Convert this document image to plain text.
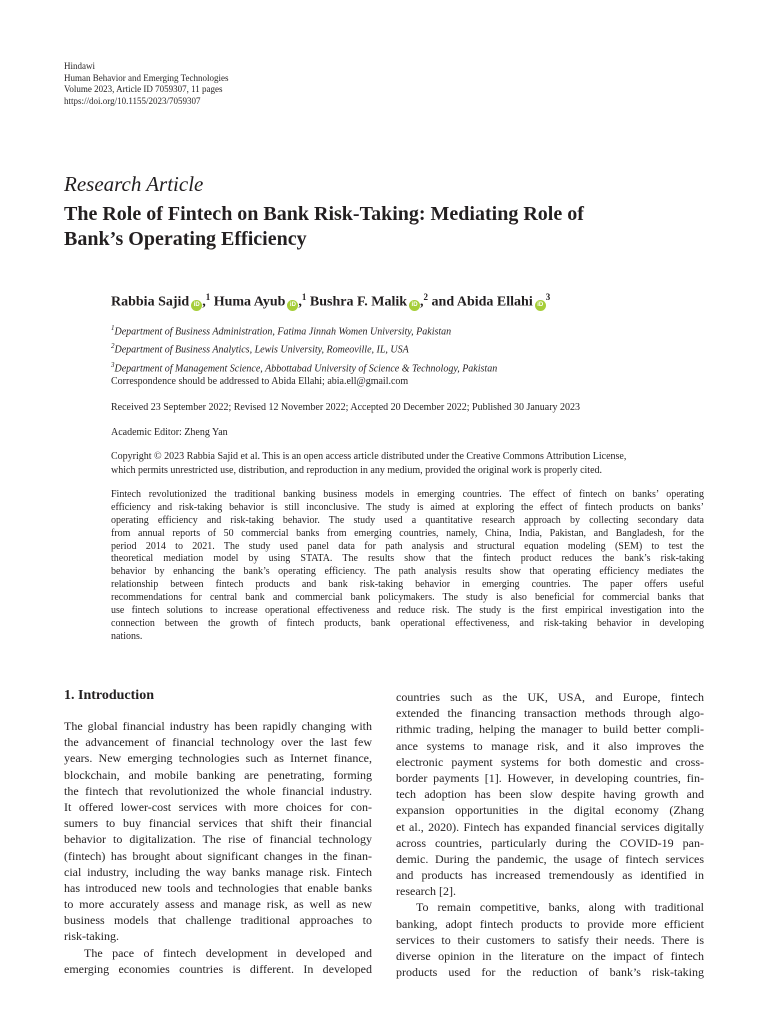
Hindawi
Human Behavior and Emerging Technologies
Volume 2023, Article ID 7059307, 11 pages
https://doi.org/10.1155/2023/7059307
Research Article
The Role of Fintech on Bank Risk-Taking: Mediating Role of
Bank’s Operating Efficiency
Rabbia Sajid iD ,$^1$ Huma Ayub iD ,$^1$ Bushra F. Malik iD ,$^2$ and Abida Ellahi $iD^3$
$^1$Department of Business Administration, Fatima Jinnah Women University, Pakistan
$^2$Department of Business Analytics, Lewis University, Romeoville, IL, USA
$^3$Department of Management Science, Abbottabad University of Science & Technology, Pakistan
Correspondence should be addressed to Abida Ellahi; abia.ell@gmail.com
Received 23 September 2022; Revised 12 November 2022; Accepted 20 December 2022; Published 30 January 2023
Academic Editor: Zheng Yan
Copyright © 2023 Rabbia Sajid et al. This is an open access article distributed under the Creative Commons Attribution License,
which permits unrestricted use, distribution, and reproduction in any medium, provided the original work is properly cited.
Fintech revolutionized the traditional banking business models in emerging countries. The effect of fintech on banks’ operating
efficiency and risk-taking behavior is still inconclusive. The study is aimed at exploring the effect of fintech products on banks’
operating efficiency and risk-taking behavior. The study used a quantitative research approach by collecting secondary data
from annual reports of 50 commercial banks from emerging countries, namely, China, India, Pakistan, and Bangladesh, for the
period 2014 to 2021. The study used panel data for path analysis and structural equation modeling (SEM) to test the
theoretical mediation model by using STATA. The results show that the fintech product reduces the bank’s risk-taking
behavior by enhancing the bank’s operating efficiency. The path analysis results show that operating efficiency mediates the
relationship between fintech products and bank risk-taking behavior in emerging countries. The paper offers useful
recommendations for central bank and commercial bank policymakers. The study is also beneficial for commercial banks that
use fintech solutions to increase operational effectiveness and reduce risk. The study is the first empirical investigation into the
connection between the growth of fintech products, bank operational effectiveness, and risk-taking behavior in developing
nations.
1. Introduction
The global financial industry has been rapidly changing with
the advancement of financial technology over the last few
years. New emerging technologies such as Internet finance,
blockchain, and mobile banking are penetrating, forming
the fintech that revolutionized the whole financial industry.
It offered lower-cost services with more choices for con-
sumers to buy financial services that shift their financial
behavior to digitalization. The rise of financial technology
(fintech) has brought about significant changes in the finan-
cial industry, including the way banks manage risk. Fintech
has introduced new tools and technologies that enable banks
to more accurately assess and manage risk, as well as new
business models that challenge traditional approaches to
risk-taking.
The pace of fintech development in developed and
emerging economies countries is different. In developed
countries such as the UK, USA, and Europe, fintech
extended the financing transaction methods through algo-
rithmic trading, helping the manager to build better compli-
ance systems to manage risk, and it also improves the
electronic payment systems for both domestic and cross-
border payments [1]. However, in developing countries, fin-
tech adoption has been slow despite having growth and
expansion opportunities in the digital economy (Zhang
et al., 2020). Fintech has expanded financial services digitally
across countries, particularly during the COVID-19 pan-
demic. During the pandemic, the usage of fintech services
and products has increased tremendously as identified in
research [2].
To remain competitive, banks, along with traditional
banking, adopt fintech products to provide more efficient
services to their customers to satisfy their needs. There is
diverse opinion in the literature on the impact of fintech
products used for the reduction of bank’s risk-taking
